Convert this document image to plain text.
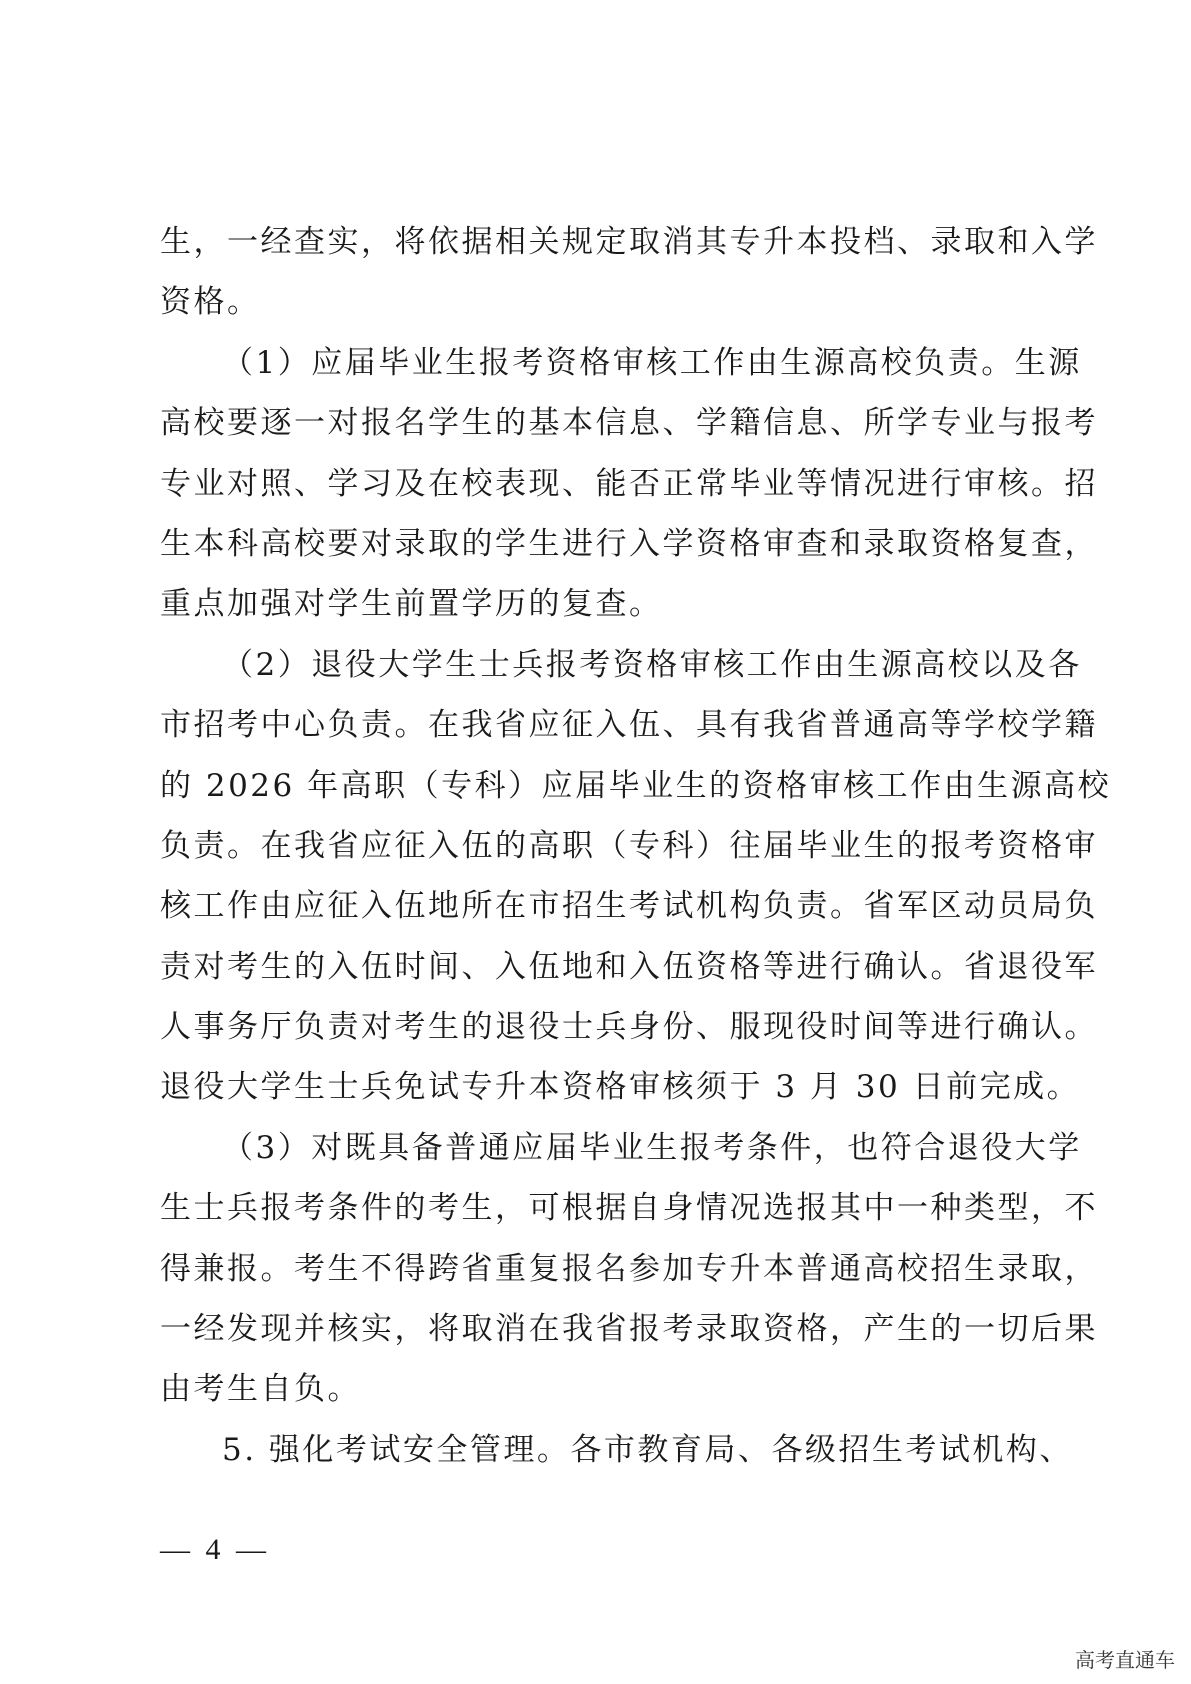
生，一经查实，将依据相关规定取消其专升本投档、录取和入学
资格。
（1）应届毕业生报考资格审核工作由生源高校负责。生源
高校要逐一对报名学生的基本信息、学籍信息、所学专业与报考
专业对照、学习及在校表现、能否正常毕业等情况进行审核。招
生本科高校要对录取的学生进行入学资格审查和录取资格复查，
重点加强对学生前置学历的复查。
（2）退役大学生士兵报考资格审核工作由生源高校以及各
市招考中心负责。在我省应征入伍、具有我省普通高等学校学籍
的 2026 年高职（专科）应届毕业生的资格审核工作由生源高校
负责。在我省应征入伍的高职（专科）往届毕业生的报考资格审
核工作由应征入伍地所在市招生考试机构负责。省军区动员局负
责对考生的入伍时间、入伍地和入伍资格等进行确认。省退役军
人事务厅负责对考生的退役士兵身份、服现役时间等进行确认。
退役大学生士兵免试专升本资格审核须于 3 月 30 日前完成。
（3）对既具备普通应届毕业生报考条件，也符合退役大学
生士兵报考条件的考生，可根据自身情况选报其中一种类型，不
得兼报。考生不得跨省重复报名参加专升本普通高校招生录取，
一经发现并核实，将取消在我省报考录取资格，产生的一切后果
由考生自负。
5. 强化考试安全管理。各市教育局、各级招生考试机构、
— 4 —
高考直通车
